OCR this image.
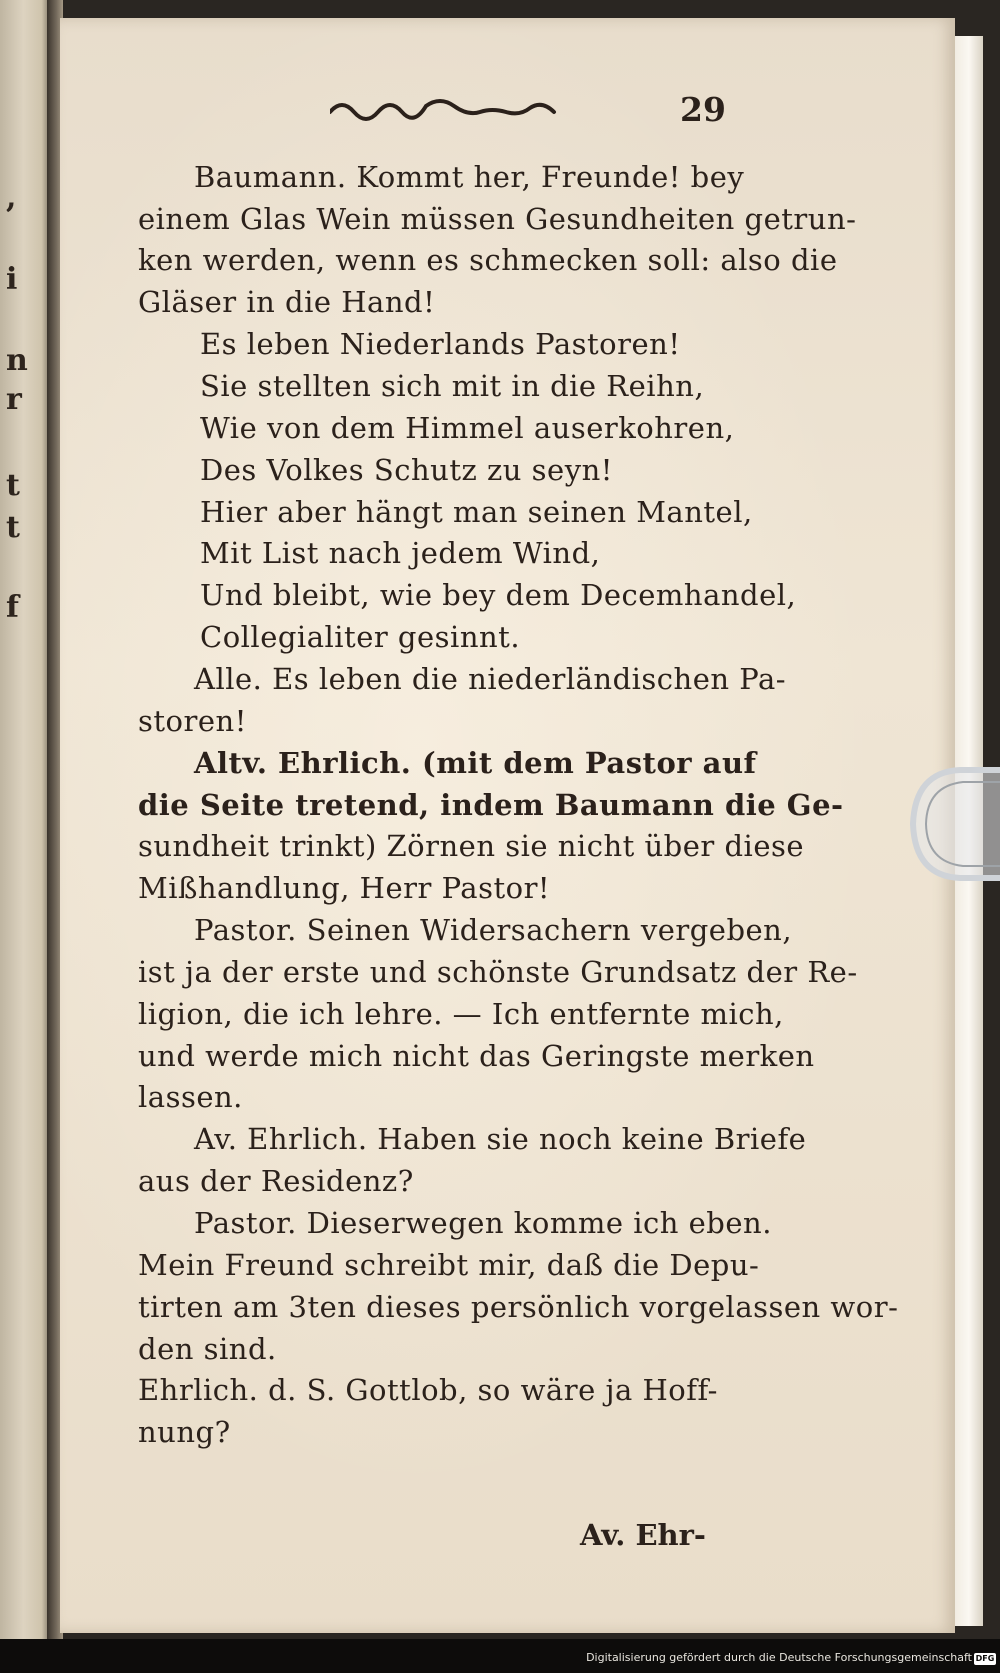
,
i
n
r
t
t
f
29
Baumann. Kommt her, Freunde! bey
einem Glas Wein müssen Gesundheiten getrun-
ken werden, wenn es schmecken soll: also die
Gläser in die Hand!
Es leben Niederlands Pastoren!
Sie stellten sich mit in die Reihn,
Wie von dem Himmel auserkohren,
Des Volkes Schutz zu seyn!
Hier aber hängt man seinen Mantel,
Mit List nach jedem Wind,
Und bleibt, wie bey dem Decemhandel,
Collegialiter gesinnt.
Alle. Es leben die niederländischen Pa-
storen!
Altv. Ehrlich. (mit dem Pastor auf
die Seite tretend, indem Baumann die Ge-
sundheit trinkt) Zörnen sie nicht über diese
Mißhandlung, Herr Pastor!
Pastor. Seinen Widersachern vergeben,
ist ja der erste und schönste Grundsatz der Re-
ligion, die ich lehre. — Ich entfernte mich,
und werde mich nicht das Geringste merken
lassen.
Av. Ehrlich. Haben sie noch keine Briefe
aus der Residenz?
Pastor. Dieserwegen komme ich eben.
Mein Freund schreibt mir, daß die Depu-
tirten am 3ten dieses persönlich vorgelassen wor-
den sind.
Ehrlich. d. S. Gottlob, so wäre ja Hoff-
nung?
Av. Ehr-
Digitalisierung gefördert durch die Deutsche Forschungsgemeinschaft DFG
